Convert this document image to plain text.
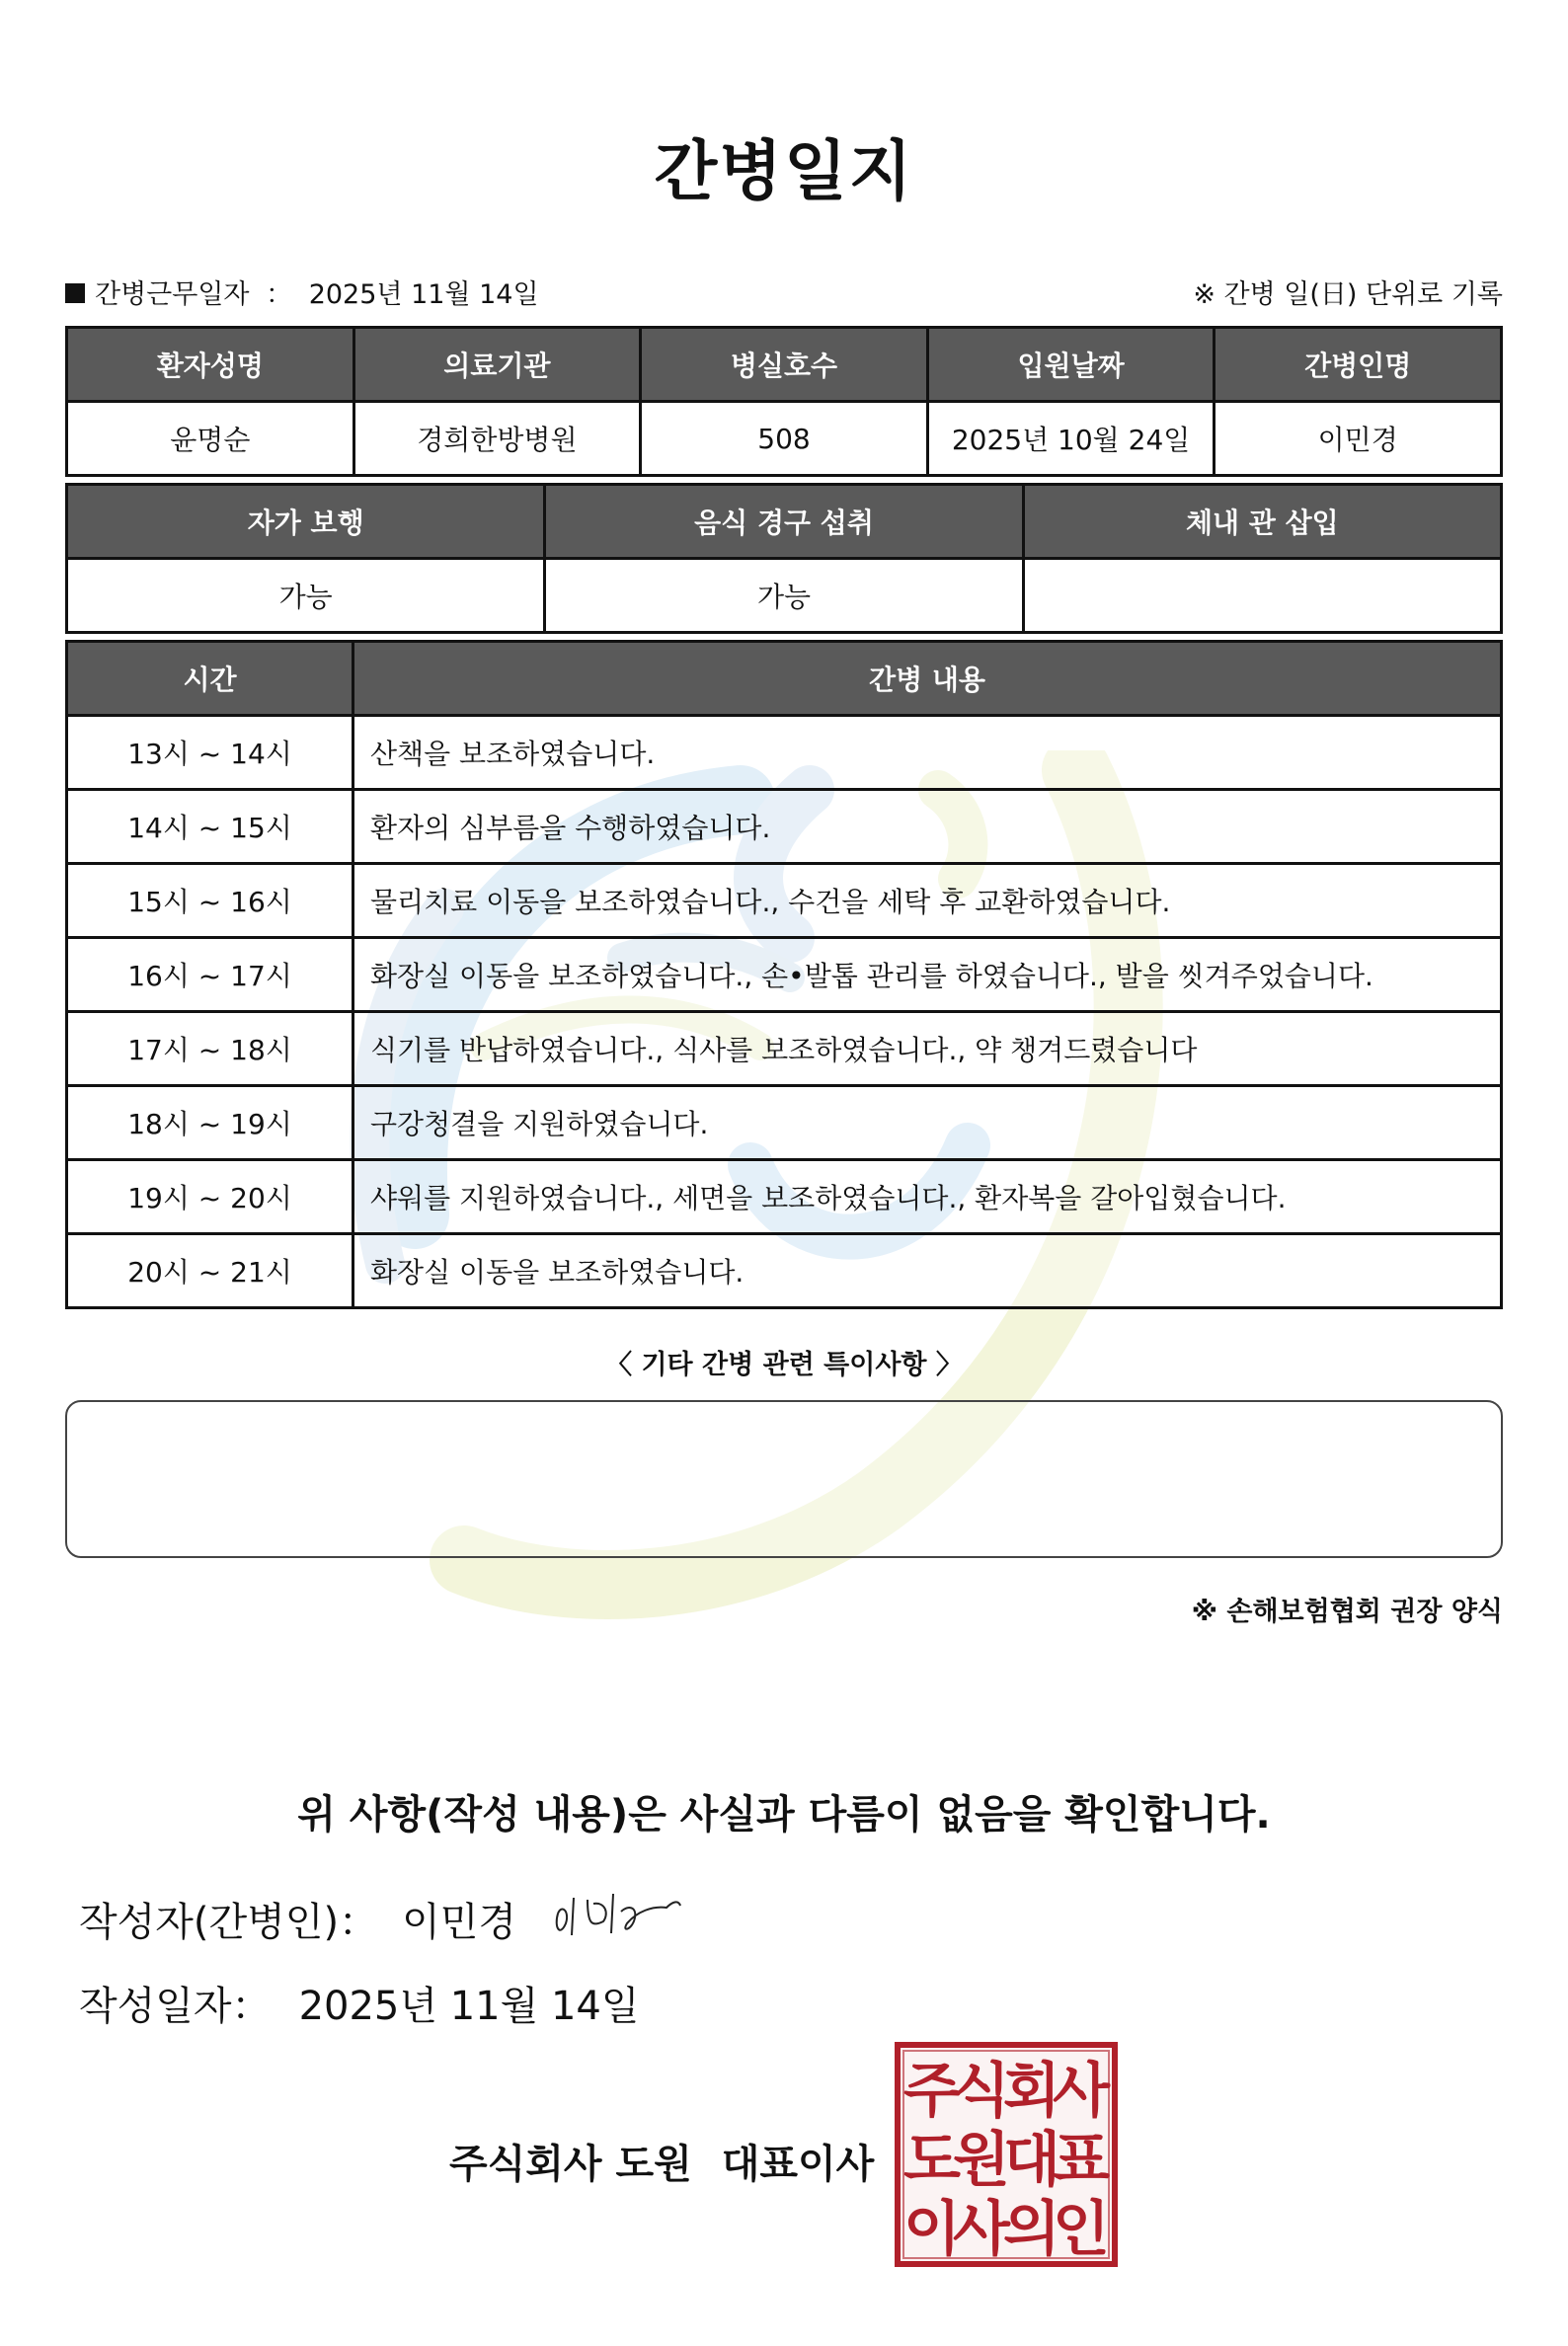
간병일지
간병근무일자 ： 2025년 11월 14일	※ 간병 일(日) 단위로 기록
환자성명	의료기관	병실호수	입원날짜	간병인명
윤명순	경희한방병원	508	2025년 10월 24일	이민경
자가 보행	음식 경구 섭취	체내 관 삽입
가능	가능	
시간	간병 내용
13시 ~ 14시	산책을 보조하였습니다.
14시 ~ 15시	환자의 심부름을 수행하였습니다.
15시 ~ 16시	물리치료 이동을 보조하였습니다., 수건을 세탁 후 교환하였습니다.
16시 ~ 17시	화장실 이동을 보조하였습니다., 손•발톱 관리를 하였습니다., 발을 씻겨주었습니다.
17시 ~ 18시	식기를 반납하였습니다., 식사를 보조하였습니다., 약 챙겨드렸습니다
18시 ~ 19시	구강청결을 지원하였습니다.
19시 ~ 20시	샤워를 지원하였습니다., 세면을 보조하였습니다., 환자복을 갈아입혔습니다.
20시 ~ 21시	화장실 이동을 보조하였습니다.
〈 기타 간병 관련 특이사항 〉
※ 손해보험협회 권장 양식
위 사항(작성 내용)은 사실과 다름이 없음을 확인합니다.
작성자(간병인)： 이민경
작성일자： 2025년 11월 14일
주식회사 도원 대표이사
주
식
회
사
도
원
대
표
이
사
의
인
